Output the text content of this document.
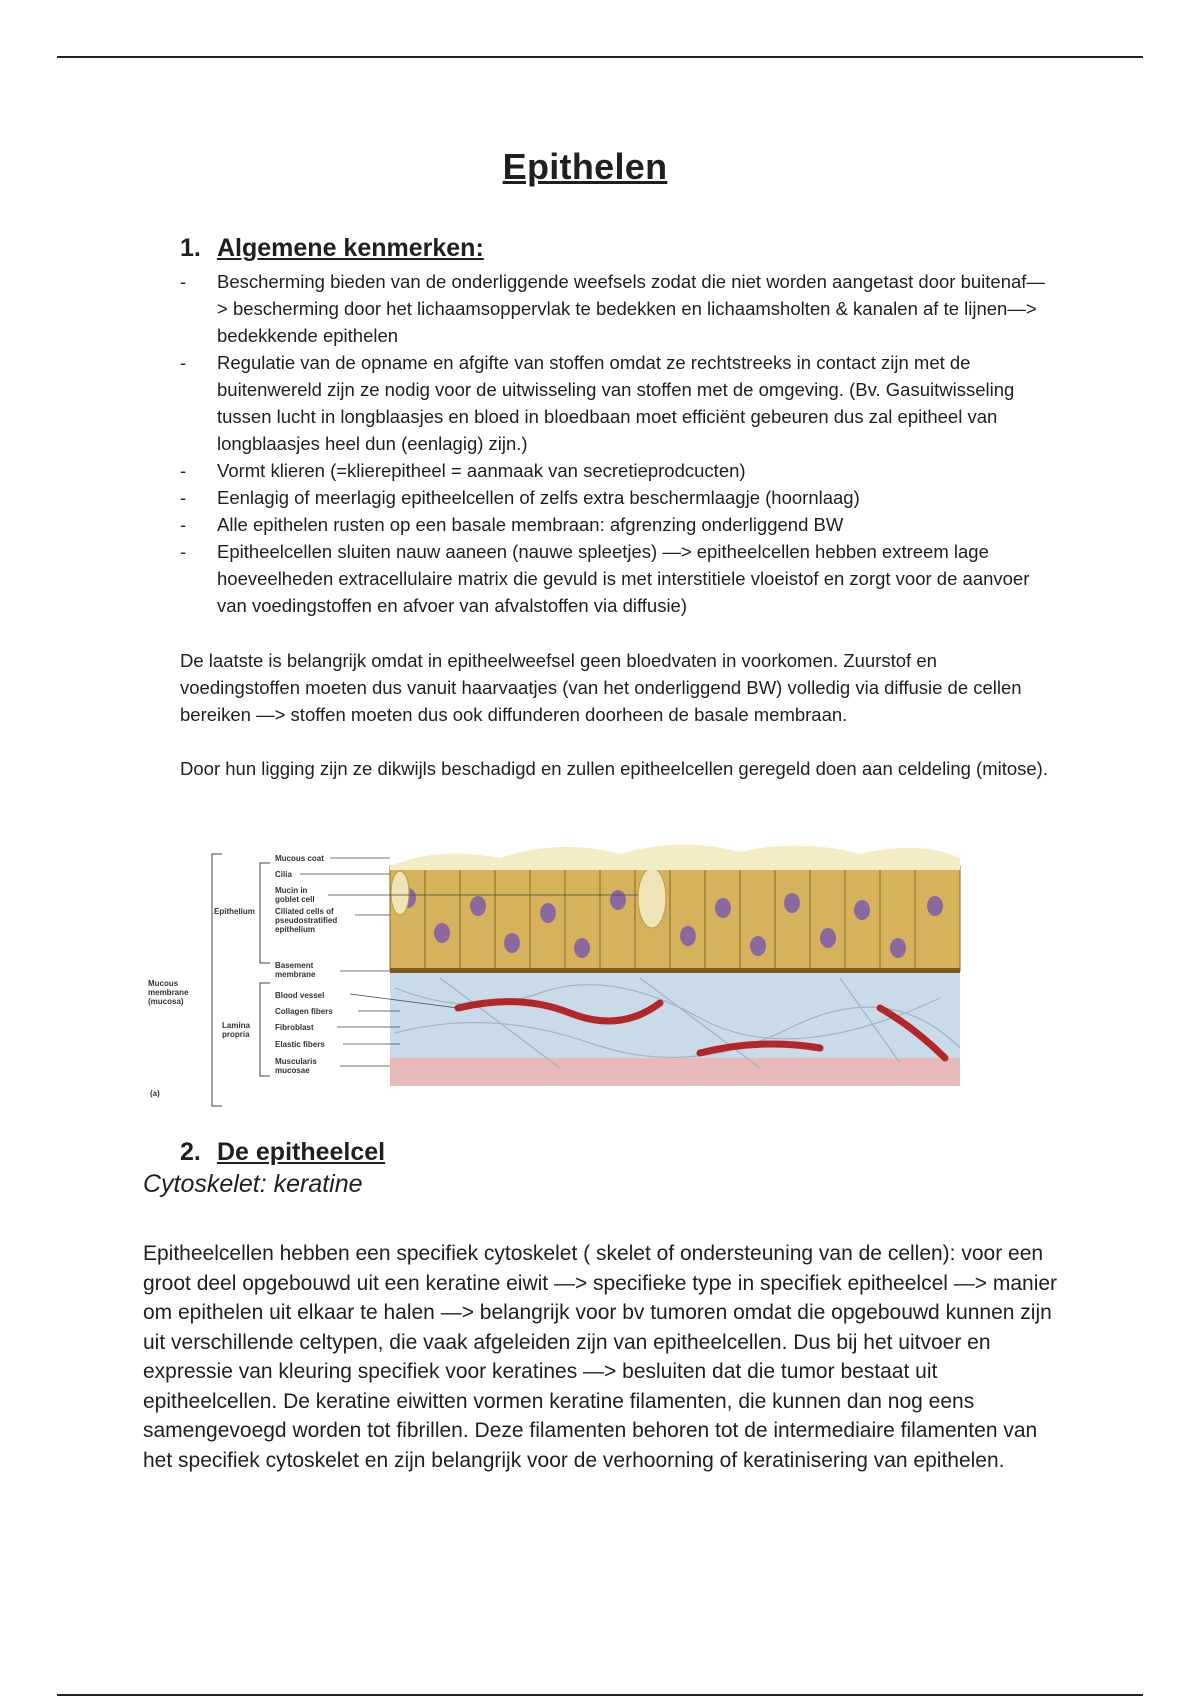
Epithelen
1. Algemene kenmerken:
- Bescherming bieden van de onderliggende weefsels zodat die niet worden aangetast door buitenaf—> bescherming door het lichaamsoppervlak te bedekken en lichaamsholten & kanalen af te lijnen—> bedekkende epithelen
- Regulatie van de opname en afgifte van stoffen omdat ze rechtstreeks in contact zijn met de buitenwereld zijn ze nodig voor de uitwisseling van stoffen met de omgeving. (Bv. Gasuitwisseling tussen lucht in longblaasjes en bloed in bloedbaan moet efficiënt gebeuren dus zal epitheel van longblaasjes heel dun (eenlagig) zijn.)
- Vormt klieren (=klierepitheel = aanmaak van secretieprodcucten)
- Eenlagig of meerlagig epitheelcellen of zelfs extra beschermlaagje (hoornlaag)
- Alle epithelen rusten op een basale membraan: afgrenzing onderliggend BW
- Epitheelcellen sluiten nauw aaneen (nauwe spleetjes) —> epitheelcellen hebben extreem lage hoeveelheden extracellulaire matrix die gevuld is met interstitiele vloeistof en zorgt voor de aanvoer van voedingstoffen en afvoer van afvalstoffen via diffusie)

De laatste is belangrijk omdat in epitheelweefsel geen bloedvaten in voorkomen. Zuurstof en voedingstoffen moeten dus vanuit haarvaatjes (van het onderliggend BW) volledig via diffusie de cellen bereiken —> stoffen moeten dus ook diffunderen doorheen de basale membraan.

Door hun ligging zijn ze dikwijls beschadigd en zullen epitheelcellen geregeld doen aan celdeling (mitose).

Mucous coat
Cilia
Mucin in
goblet cell
Ciliated cells of
pseudostratified
epithelium
Basement
membrane
Blood vessel
Collagen fibers
Fibroblast
Elastic fibers
Muscularis
mucosae
Epithelium
Mucous
membrane
(mucosa)
Lamina
propria
(a)
2. De epitheelcel
Cytoskelet: keratine

Epitheelcellen hebben een specifiek cytoskelet ( skelet of ondersteuning van de cellen): voor een groot deel opgebouwd uit een keratine eiwit —> specifieke type in specifiek epitheelcel —> manier om epithelen uit elkaar te halen —> belangrijk voor bv tumoren omdat die opgebouwd kunnen zijn uit verschillende celtypen, die vaak afgeleiden zijn van epitheelcellen. Dus bij het uitvoer en expressie van kleuring specifiek voor keratines —> besluiten dat die tumor bestaat uit epitheelcellen. De keratine eiwitten vormen keratine filamenten, die kunnen dan nog eens samengevoegd worden tot fibrillen. Deze filamenten behoren tot de intermediaire filamenten van het specifiek cytoskelet en zijn belangrijk voor de verhoorning of keratinisering van epithelen.
